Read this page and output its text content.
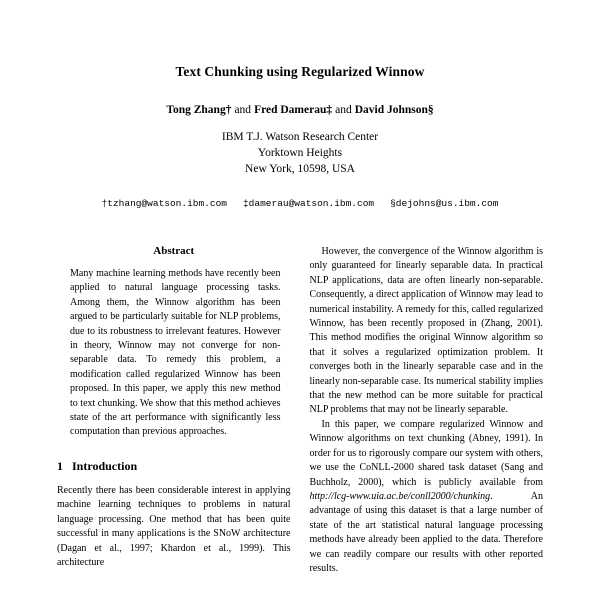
Text Chunking using Regularized Winnow
Tong Zhang† and Fred Damerau‡ and David Johnson§
IBM T.J. Watson Research Center
Yorktown Heights
New York, 10598, USA
†tzhang@watson.ibm.com ‡damerau@watson.ibm.com §dejohns@us.ibm.com
Abstract

Many machine learning methods have recently been applied to natural language processing tasks. Among them, the Winnow algorithm has been argued to be particularly suitable for NLP problems, due to its robustness to irrelevant features. However in theory, Winnow may not converge for non-separable data. To remedy this problem, a modification called regularized Winnow has been proposed. In this paper, we apply this new method to text chunking. We show that this method achieves state of the art performance with significantly less computation than previous approaches.

1 Introduction

Recently there has been considerable interest in applying machine learning techniques to problems in natural language processing. One method that has been quite successful in many applications is the SNoW architecture (Dagan et al., 1997; Khardon et al., 1999). This architecture

However, the convergence of the Winnow algorithm is only guaranteed for linearly separable data. In practical NLP applications, data are often linearly non-separable. Consequently, a direct application of Winnow may lead to numerical instability. A remedy for this, called regularized Winnow, has been recently proposed in (Zhang, 2001). This method modifies the original Winnow algorithm so that it solves a regularized optimization problem. It converges both in the linearly separable case and in the linearly non-separable case. Its numerical stability implies that the new method can be more suitable for practical NLP problems that may not be linearly separable.

In this paper, we compare regularized Winnow and Winnow algorithms on text chunking (Abney, 1991). In order for us to rigorously compare our system with others, we use the CoNLL-2000 shared task dataset (Sang and Buchholz, 2000), which is publicly available from http://lcg-www.uia.ac.be/conll2000/chunking. An advantage of using this dataset is that a large number of state of the art statistical natural language processing methods have already been applied to the data. Therefore we can readily compare our results with other reported results.
